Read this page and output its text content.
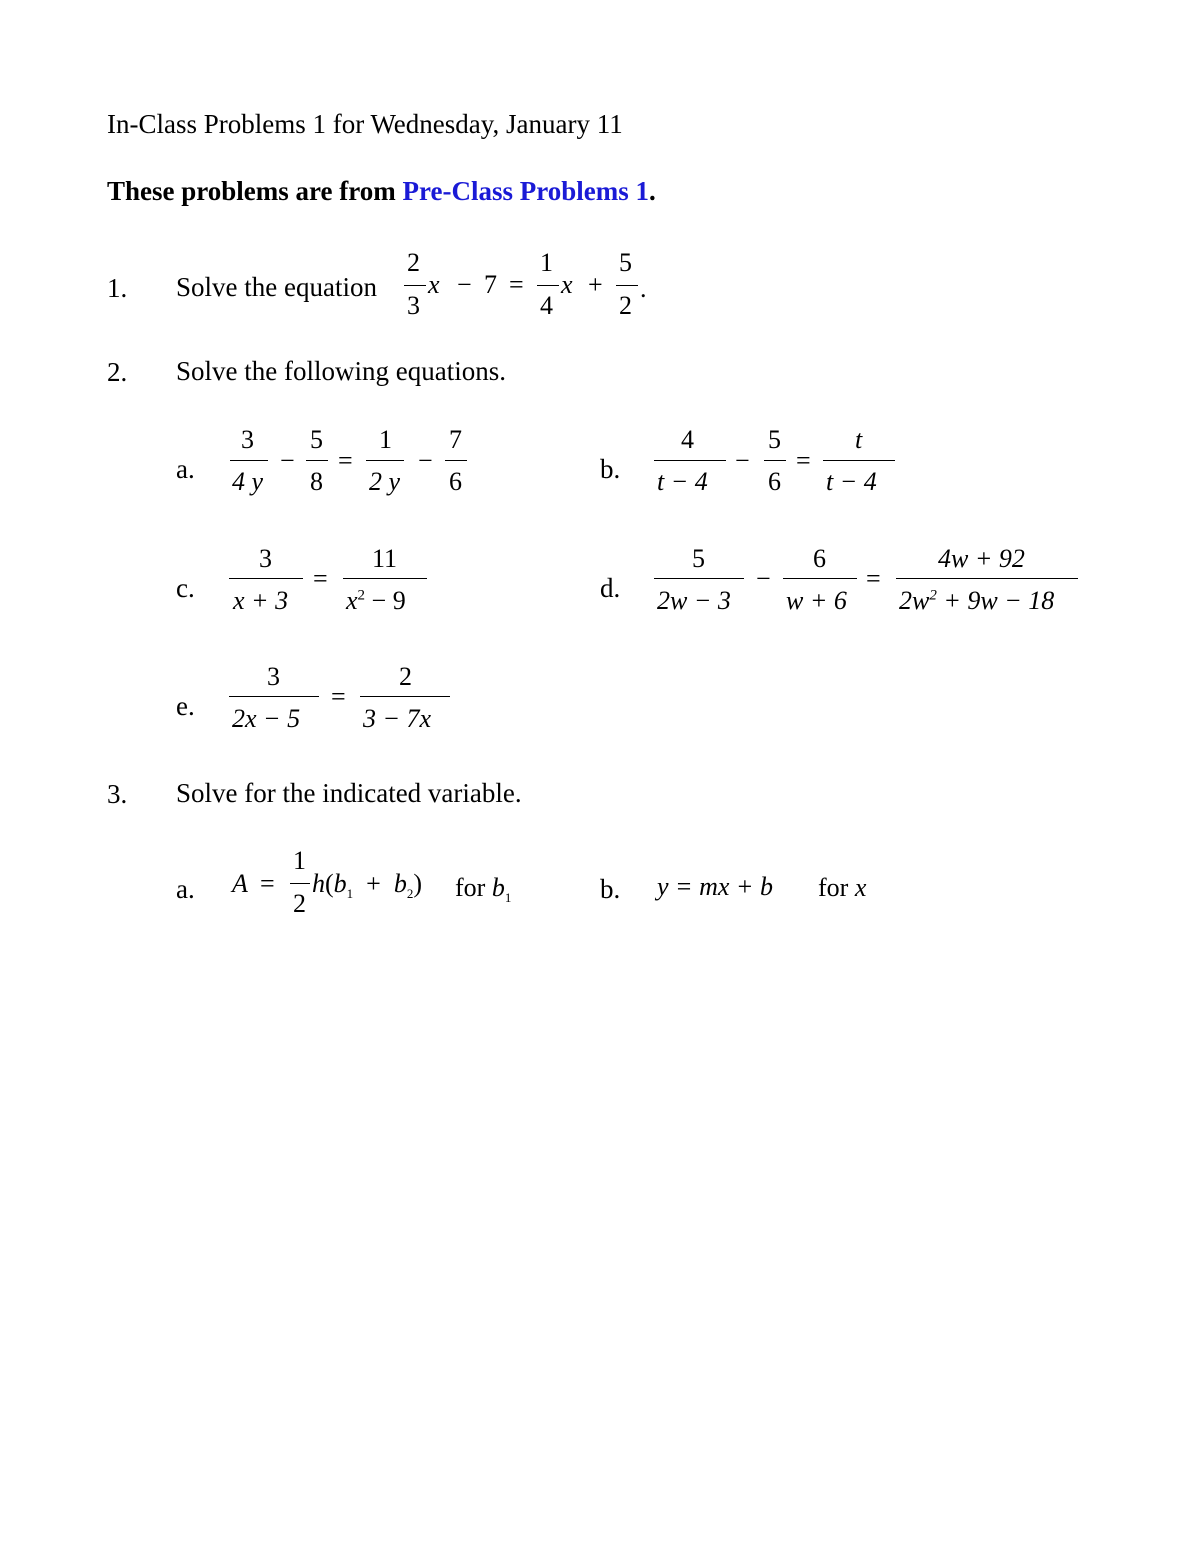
In-Class Problems 1 for Wednesday, January 11
These problems are from Pre-Class Problems 1.
1. Solve the equation
2
3
x − 7 =
1
4
x +
5
2
.
2. Solve the following equations.
a.
3
4 y
−
5
8
=
1
2 y
−
7
6	b.
4
t − 4
−
5
6
=
t
t − 4
c.
3
x + 3
=
11
$x^2 - 9$	d.
5
2w − 3
−
6
w + 6
=
4w + 92
$2w^2 + 9w - 18$
e.
3
2x − 5
=
2
3 − 7x
3. Solve for the indicated variable.
a. A =
1
2
$h(b_1 + b_2)$ for $b_1$	b. y = mx + b for x
